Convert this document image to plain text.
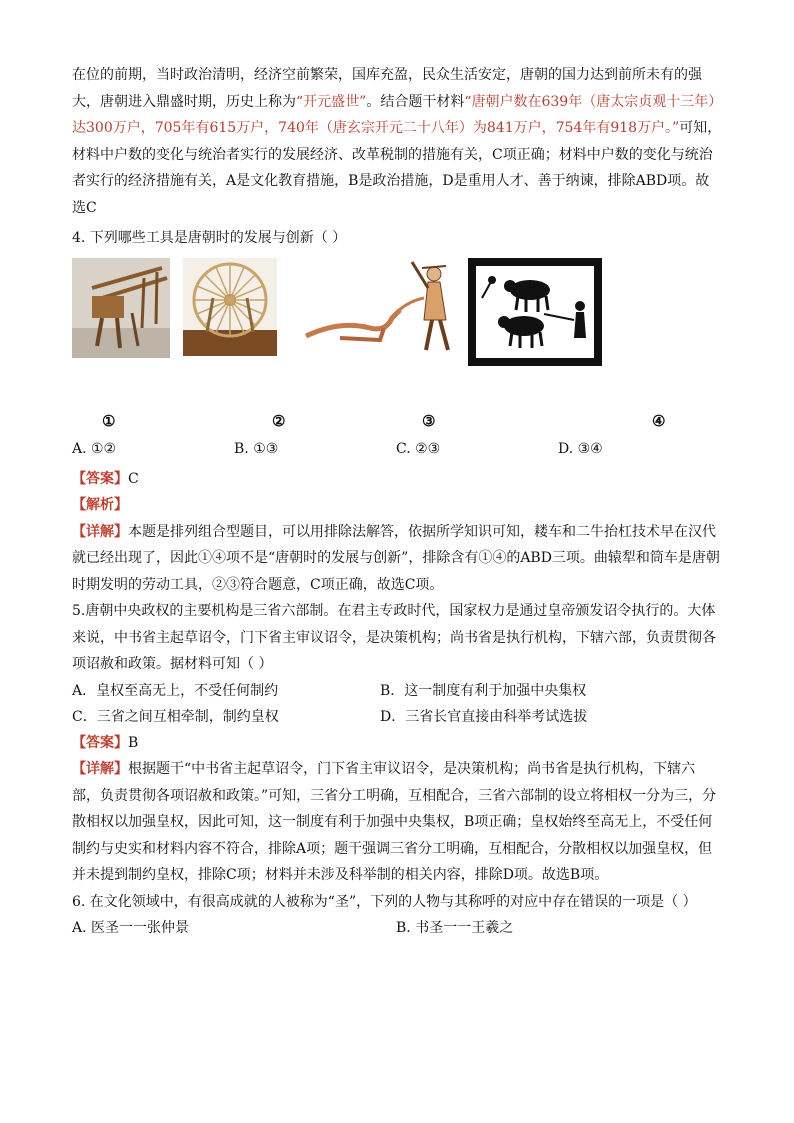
在位的前期，当时政治清明，经济空前繁荣，国库充盈，民众生活安定，唐朝的国力达到前所未有的强大，唐朝进入鼎盛时期，历史上称为“开元盛世”。结合题干材料“唐朝户数在639年（唐太宗贞观十三年）达300万户，705年有615万户，740年（唐玄宗开元二十八年）为841万户，754年有918万户。”可知，材料中户数的变化与统治者实行的发展经济、改革税制的措施有关，C项正确；材料中户数的变化与统治者实行的经济措施有关，A是文化教育措施，B是政治措施，D是重用人才、善于纳谏，排除ABD项。故选C

4. 下列哪些工具是唐朝时的发展与创新（ ）

①	②	③	④
A. ①②	B. ①③	C. ②③	D. ③④

【答案】C

【解析】

【详解】本题是排列组合型题目，可以用排除法解答，依据所学知识可知，耧车和二牛抬杠技术早在汉代就已经出现了，因此①④项不是“唐朝时的发展与创新”，排除含有①④的ABD三项。曲辕犁和筒车是唐朝时期发明的劳动工具，②③符合题意，C项正确，故选C项。

5.唐朝中央政权的主要机构是三省六部制。在君主专政时代，国家权力是通过皇帝颁发诏令执行的。大体来说，中书省主起草诏令，门下省主审议诏令，是决策机构；尚书省是执行机构，下辖六部，负责贯彻各项诏赦和政策。据材料可知（ ）

A．皇权至高无上，不受任何制约	B．这一制度有利于加强中央集权
C．三省之间互相牵制，制约皇权	D．三省长官直接由科举考试选拔

【答案】B

【详解】根据题干“中书省主起草诏令，门下省主审议诏令，是决策机构；尚书省是执行机构，下辖六部，负责贯彻各项诏赦和政策。”可知，三省分工明确，互相配合，三省六部制的设立将相权一分为三，分散相权以加强皇权，因此可知，这一制度有利于加强中央集权，B项正确；皇权始终至高无上，不受任何制约与史实和材料内容不符合，排除A项；题干强调三省分工明确，互相配合，分散相权以加强皇权，但并未提到制约皇权，排除C项；材料并未涉及科举制的相关内容，排除D项。故选B项。

6. 在文化领域中，有很高成就的人被称为“圣”，下列的人物与其称呼的对应中存在错误的一项是（ ）

A. 医圣一一张仲景	B. 书圣一一王羲之
